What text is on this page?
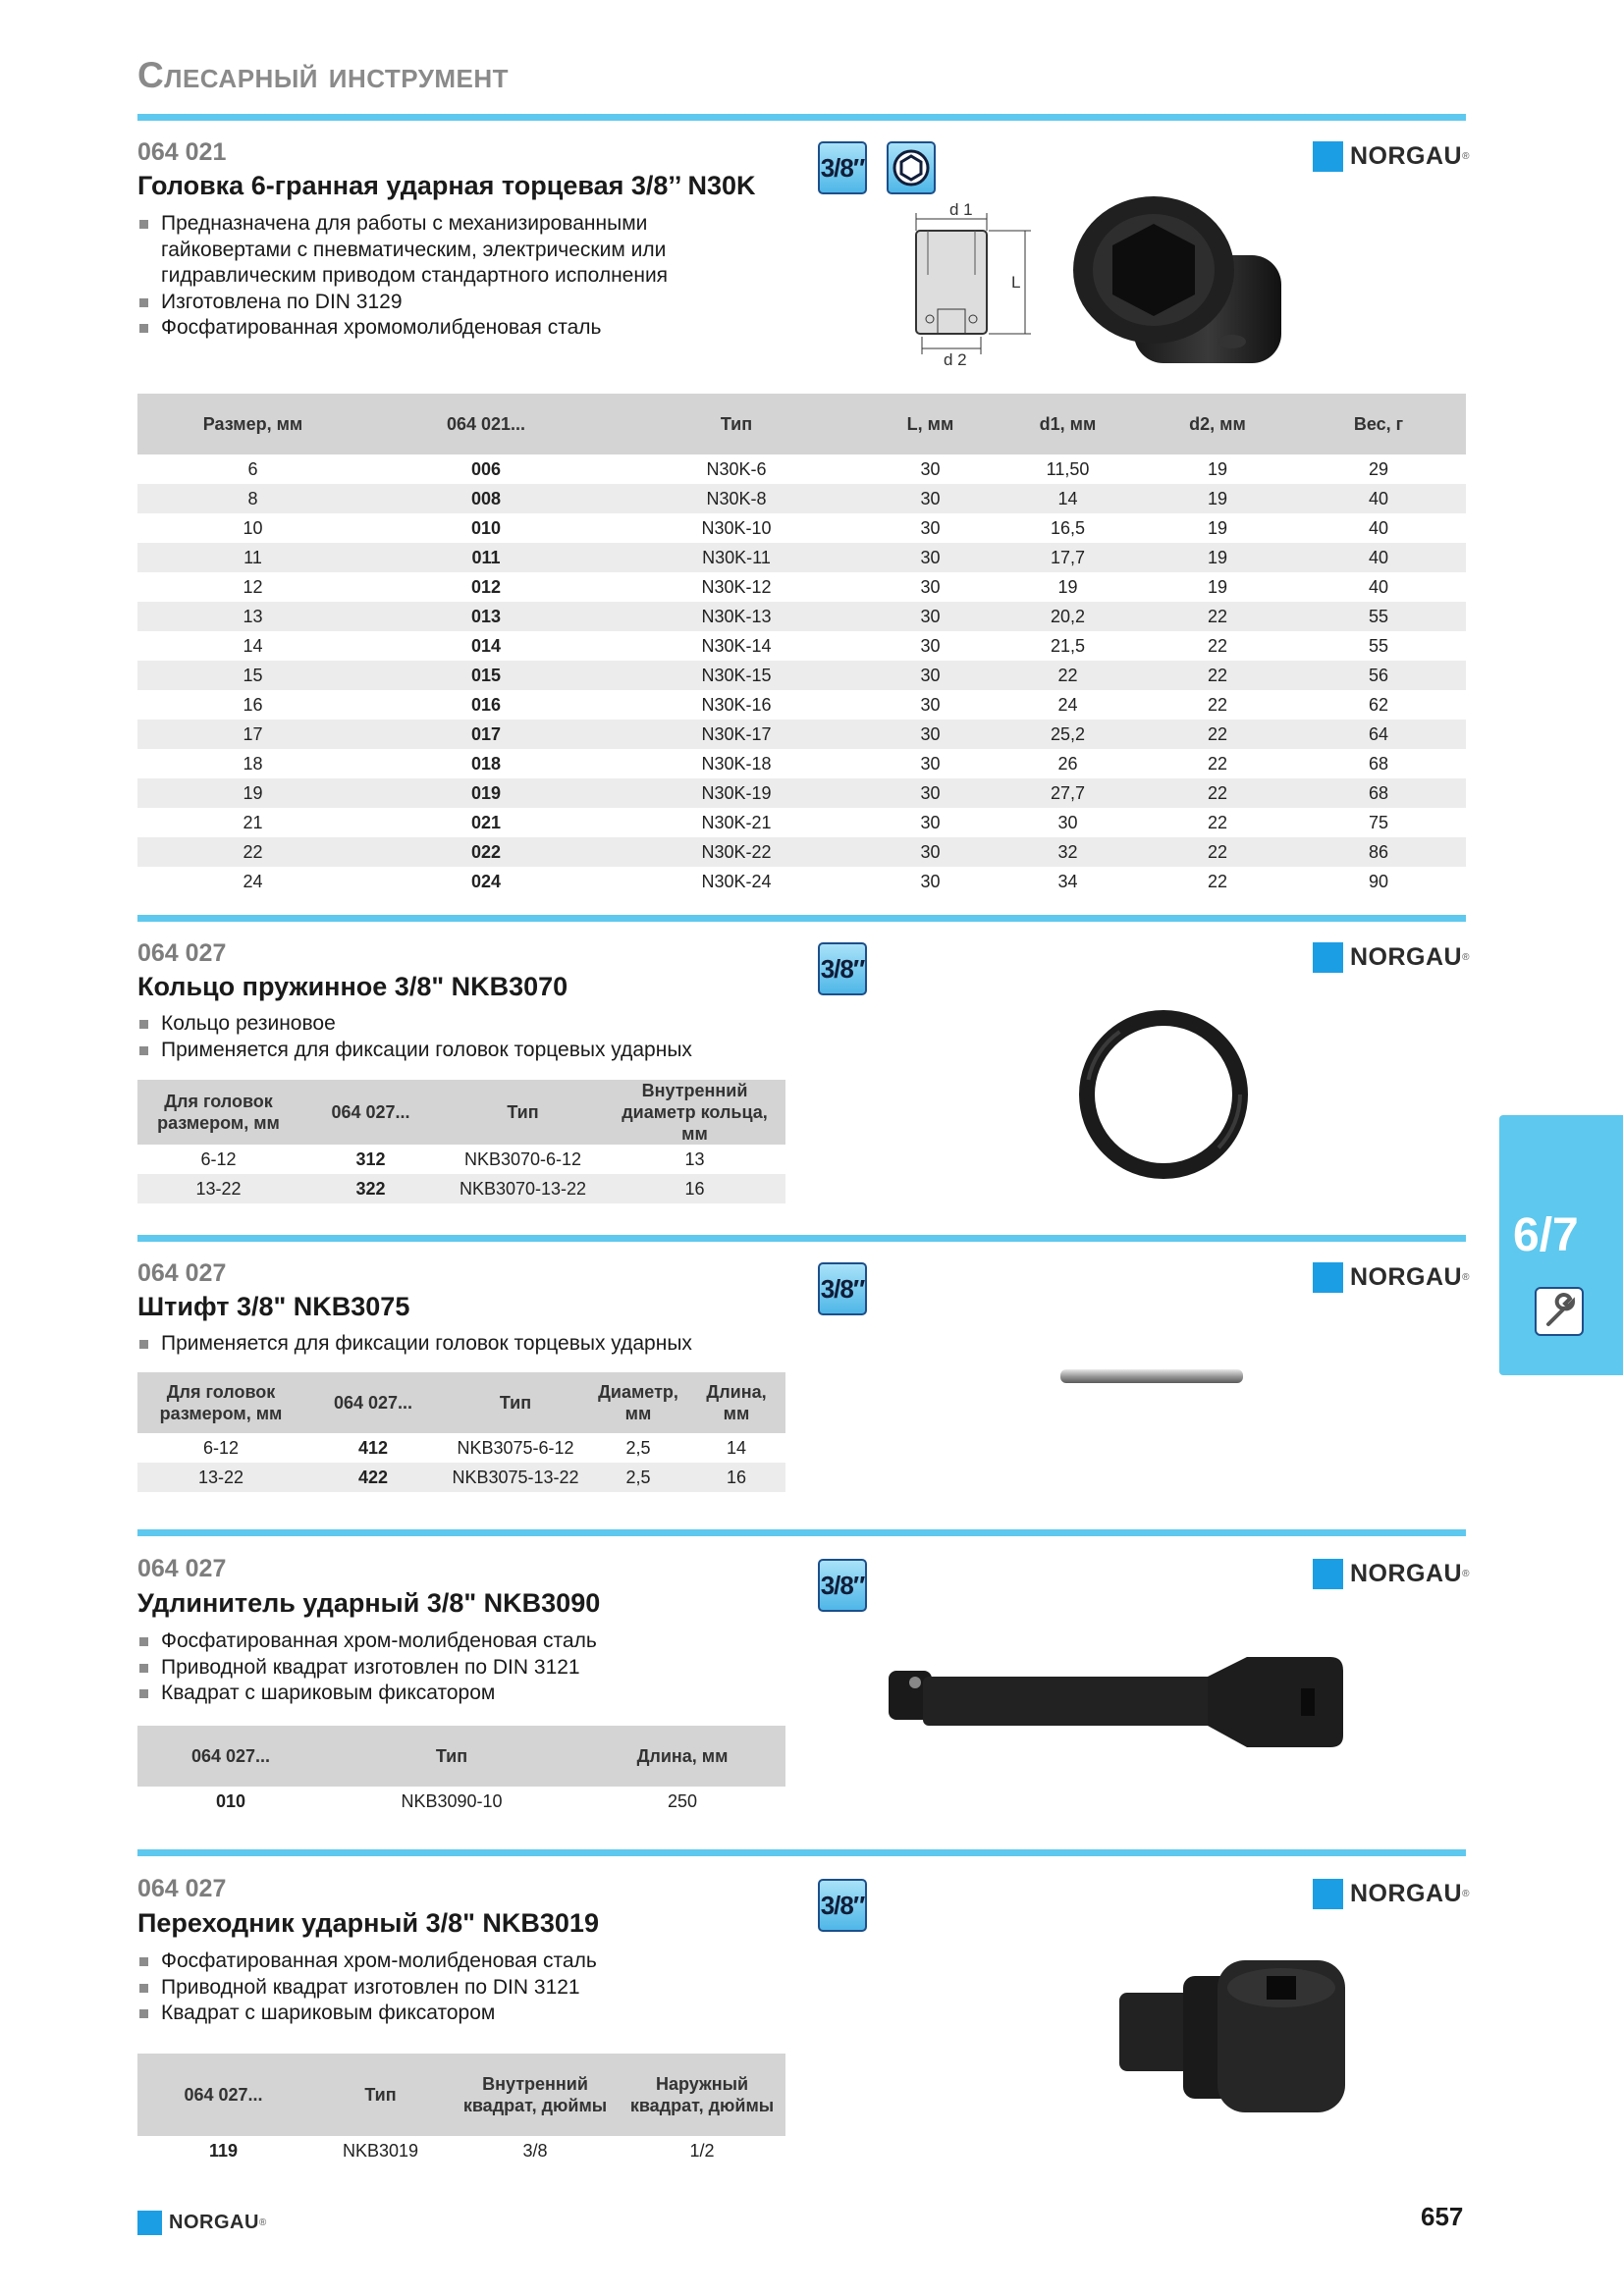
Слесарный инструмент
6/7
064 021
Головка 6-гранная ударная торцевая 3/8’’ N30K
Предназначена для работы с механизированными гайковертами с пневматическим, электрическим или гидравлическим приводом стандартного исполнения
Изготовлена по DIN 3129
Фосфатированная хромомолибденовая сталь
3/8″	NORGAU ®
d 1
d 2
L
Размер, мм	064 021...	Тип	L, мм	d1, мм	d2, мм	Вес, г
6	006	N30K-6	30	11,50	19	29
8	008	N30K-8	30	14	19	40
10	010	N30K-10	30	16,5	19	40
11	011	N30K-11	30	17,7	19	40
12	012	N30K-12	30	19	19	40
13	013	N30K-13	30	20,2	22	55
14	014	N30K-14	30	21,5	22	55
15	015	N30K-15	30	22	22	56
16	016	N30K-16	30	24	22	62
17	017	N30K-17	30	25,2	22	64
18	018	N30K-18	30	26	22	68
19	019	N30K-19	30	27,7	22	68
21	021	N30K-21	30	30	22	75
22	022	N30K-22	30	32	22	86
24	024	N30K-24	30	34	22	90
064 027
Кольцо пружинное 3/8" NKB3070
Кольцо резиновое
Применяется для фиксации головок торцевых ударных
3/8″	NORGAU ®
Для головок размером, мм	064 027...	Тип	Внутренний диаметр кольца, мм
6-12	312	NKB3070-6-12	13
13-22	322	NKB3070-13-22	16
064 027
Штифт 3/8" NKB3075
Применяется для фиксации головок торцевых ударных
3/8″	NORGAU ®
Для головок размером, мм	064 027...	Тип	Диаметр, мм	Длина, мм
6-12	412	NKB3075-6-12	2,5	14
13-22	422	NKB3075-13-22	2,5	16
064 027
Удлинитель ударный 3/8" NKB3090
Фосфатированная хром-молибденовая сталь
Приводной квадрат изготовлен по DIN 3121
Квадрат с шариковым фиксатором
3/8″	NORGAU ®
064 027...	Тип	Длина, мм
010	NKB3090-10	250
064 027
Переходник ударный 3/8" NKB3019
Фосфатированная хром-молибденовая сталь
Приводной квадрат изготовлен по DIN 3121
Квадрат с шариковым фиксатором
3/8″	NORGAU ®
064 027...	Тип	Внутренний квадрат, дюймы	Наружный квадрат, дюймы
119	NKB3019	3/8	1/2
NORGAU ®	657
